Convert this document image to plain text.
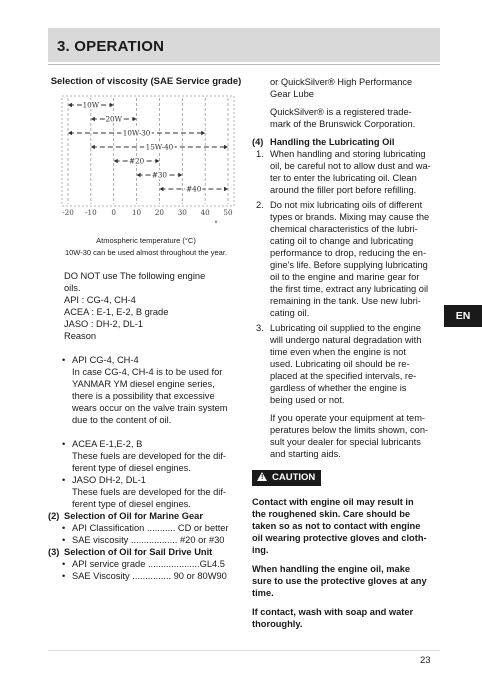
3. OPERATION
Selection of viscosity (SAE Service grade)
10W
20W
10W-30
15W-40
#20
#30
#40
-20 -10 0 10 20 30 40 50
°
Atmospheric temperature (°C)
10W-30 can be used almost throughout the year.

DO NOT use The following engine

oils.

API : CG-4, CH-4

ACEA : E-1, E-2, B grade

JASO : DH-2, DL-1

Reason

• API CG-4, CH-4

In case CG-4, CH-4 is to be used for

YANMAR YM diesel engine series,

there is a possibility that excessive

wears occur on the valve train system

due to the content of oil.

• ACEA E-1,E-2, B

These fuels are developed for the dif-

ferent type of diesel engines.

• JASO DH-2, DL-1

These fuels are developed for the dif-

ferent type of diesel engines.

(2) Selection of Oil for Marine Gear
• API Classification ........... CD or better
• SAE viscosity .................. #20 or #30
(3) Selection of Oil for Sail Drive Unit
• API service grade ....................GL4.5
• SAE Viscosity ............... 90 or 80W90

or QuickSilver® High Performance

Gear Lube

QuickSilver® is a registered trade-

mark of the Brunswick Corporation.

(4) Handling the Lubricating Oil
1. When handling and storing lubricating

oil, be careful not to allow dust and wa-

ter to enter the lubricating oil. Clean

around the filler port before refilling.

2. Do not mix lubricating oils of different

types or brands. Mixing may cause the

chemical characteristics of the lubri-

cating oil to change and lubricating

performance to drop, reducing the en-

gine's life. Before supplying lubricating

oil to the engine and marine gear for

the first time, extract any lubricating oil

remaining in the tank. Use new lubri-

cating oil.

3. Lubricating oil supplied to the engine

will undergo natural degradation with

time even when the engine is not

used. Lubricating oil should be re-

placed at the specified intervals, re-

gardless of whether the engine is

being used or not.

If you operate your equipment at tem-

peratures below the limits shown, con-

sult your dealer for special lubricants

and starting aids.

! CAUTION

Contact with engine oil may result in

the roughened skin. Care should be

taken so as not to contact with engine

oil wearing protective gloves and cloth-

ing.

When handling the engine oil, make

sure to use the protective gloves at any

time.

If contact, wash with soap and water

thoroughly.

EN
23
